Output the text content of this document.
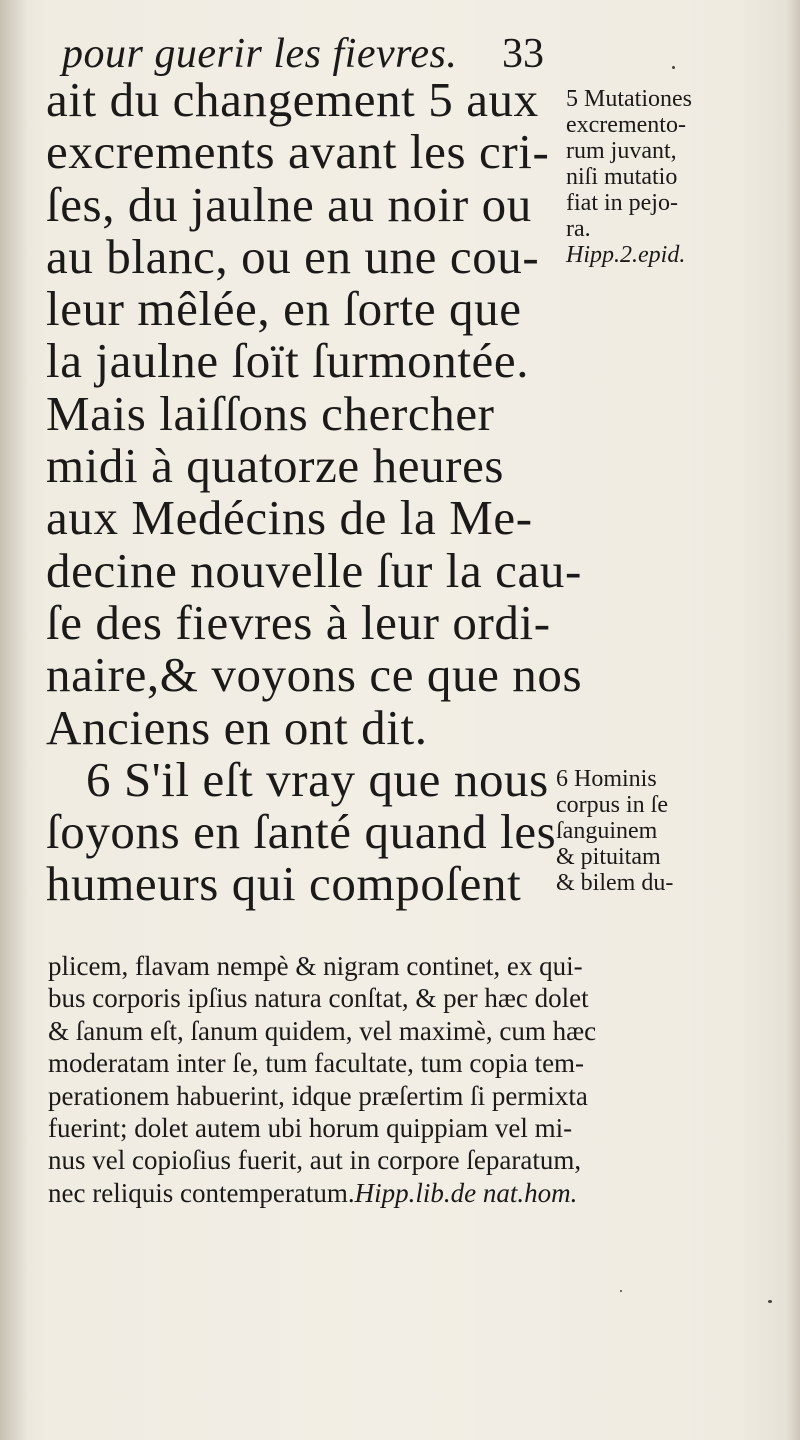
pour guerir les fievres. 33
ait du changement 5 aux
excrements avant les cri-
ſes, du jaulne au noir ou
au blanc, ou en une cou-
leur mêlée, en ſorte que
la jaulne ſoït ſurmontée.
Mais laiſſons chercher
midi à quatorze heures
aux Medécins de la Me-
decine nouvelle ſur la cau-
ſe des fievres à leur ordi-
naire,& voyons ce que nos
Anciens en ont dit.
6 S'il eſt vray que nous
ſoyons en ſanté quand les
humeurs qui compoſent
5 Mutationes
excremento-
rum juvant,
niſi mutatio
fiat in pejo-
ra.
Hipp.2.epid.
6 Hominis
corpus in ſe
ſanguinem
& pituitam
& bilem du-
plicem, flavam nempè & nigram continet, ex qui-
bus corporis ipſius natura conſtat, & per hæc dolet
& ſanum eſt, ſanum quidem, vel maximè, cum hæc
moderatam inter ſe, tum facultate, tum copia tem-
perationem habuerint, idque præſertim ſi permixta
fuerint; dolet autem ubi horum quippiam vel mi-
nus vel copioſius fuerit, aut in corpore ſeparatum,
nec reliquis contemperatum.Hipp.lib.de nat.hom.
